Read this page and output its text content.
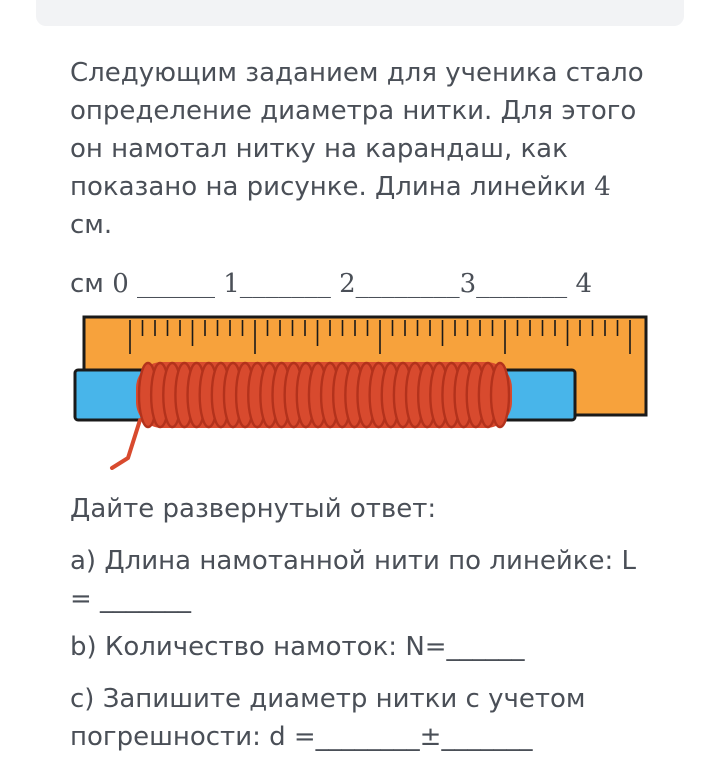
Следующим заданием для ученика стало определение диаметра нитки. Для этого он намотал нитку на карандаш, как показано на рисунке. Длина линейки 4
см.

см 0 ______ 1_______ 2________3_______ 4

Дайте развернутый ответ:

a) Длина намотанной нити по линейке: L
= _______

b) Количество намоток: N=______

c) Запишите диаметр нитки с учетом погрешности: d =________±_______
